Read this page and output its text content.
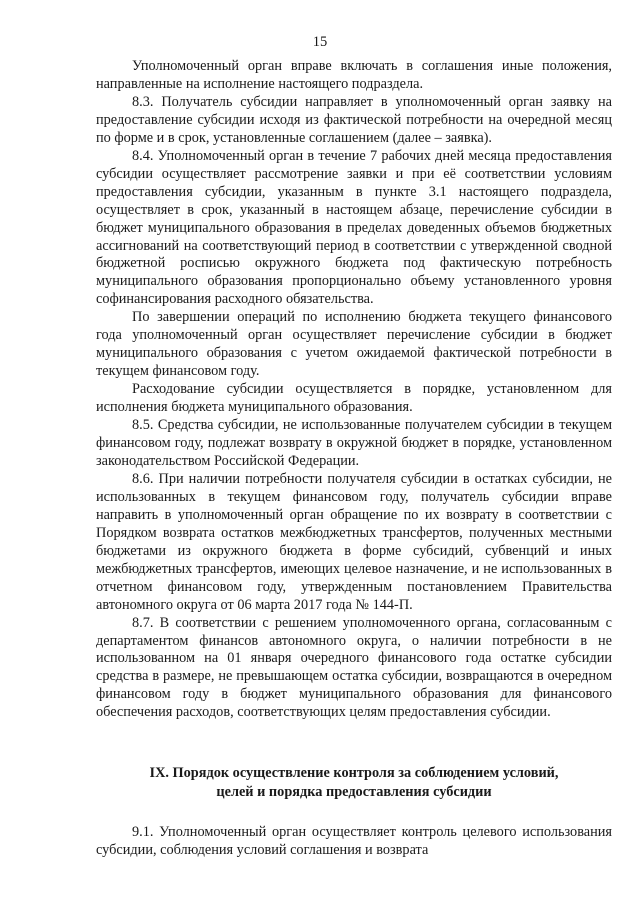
15

Уполномоченный орган вправе включать в соглашения иные положения, направленные на исполнение настоящего подраздела.

8.3. Получатель субсидии направляет в уполномоченный орган заявку на предоставление субсидии исходя из фактической потребности на очередной месяц по форме и в срок, установленные соглашением (далее – заявка).

8.4. Уполномоченный орган в течение 7 рабочих дней месяца предоставления субсидии осуществляет рассмотрение заявки и при её соответствии условиям предоставления субсидии, указанным в пункте 3.1 настоящего подраздела, осуществляет в срок, указанный в настоящем абзаце, перечисление субсидии в бюджет муниципального образования в пределах доведенных объемов бюджетных ассигнований на соответствующий период в соответствии с утвержденной сводной бюджетной росписью окружного бюджета под фактическую потребность муниципального образования пропорционально объему установленного уровня софинансирования расходного обязательства.

По завершении операций по исполнению бюджета текущего финансового года уполномоченный орган осуществляет перечисление субсидии в бюджет муниципального образования с учетом ожидаемой фактической потребности в текущем финансовом году.

Расходование субсидии осуществляется в порядке, установленном для исполнения бюджета муниципального образования.

8.5. Средства субсидии, не использованные получателем субсидии в текущем финансовом году, подлежат возврату в окружной бюджет в порядке, установленном законодательством Российской Федерации.

8.6. При наличии потребности получателя субсидии в остатках субсидии, не использованных в текущем финансовом году, получатель субсидии вправе направить в уполномоченный орган обращение по их возврату в соответствии с Порядком возврата остатков межбюджетных трансфертов, полученных местными бюджетами из окружного бюджета в форме субсидий, субвенций и иных межбюджетных трансфертов, имеющих целевое назначение, и не использованных в отчетном финансовом году, утвержденным постановлением Правительства автономного округа от 06 марта 2017 года № 144-П.

8.7. В соответствии с решением уполномоченного органа, согласованным с департаментом финансов автономного округа, о наличии потребности в не использованном на 01 января очередного финансового года остатке субсидии средства в размере, не превышающем остатка субсидии, возвращаются в очередном финансовом году в бюджет муниципального образования для финансового обеспечения расходов, соответствующих целям предоставления субсидии.

IX. Порядок осуществление контроля за соблюдением условий,
целей и порядка предоставления субсидии

9.1. Уполномоченный орган осуществляет контроль целевого использования субсидии, соблюдения условий соглашения и возврата
